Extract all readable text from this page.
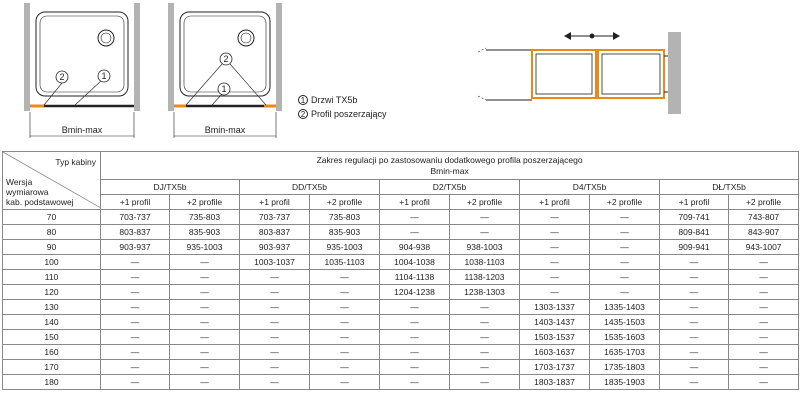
2	1
Bmin-max
2
1
Bmin-max
1 Drzwi TX5b
2 Profil poszerzający
Typ kabiny
Wersja
wymiarowa
kab. podstawowej	Zakres regulacji po zastosowaniu dodatkowego profila poszerzającego
Bmin-max									
	DJ/TX5b		DD/TX5b		D2/TX5b		D4/TX5b		DŁ/TX5b	
	+1 profil	+2 profile	+1 profil	+2 profile	+1 profil	+2 profile	+1 profil	+2 profile	+1 profil	+2 profile
70	703-737	735-803	703-737	735-803	—	—	—	—	709-741	743-807
80	803-837	835-903	803-837	835-903	—	—	—	—	809-841	843-907
90	903-937	935-1003	903-937	935-1003	904-938	938-1003	—	—	909-941	943-1007
100	—	—	1003-1037	1035-1103	1004-1038	1038-1103	—	—	—	—
110	—	—	—	—	1104-1138	1138-1203	—	—	—	—
120	—	—	—	—	1204-1238	1238-1303	—	—	—	—
130	—	—	—	—	—	—	1303-1337	1335-1403	—	—
140	—	—	—	—	—	—	1403-1437	1435-1503	—	—
150	—	—	—	—	—	—	1503-1537	1535-1603	—	—
160	—	—	—	—	—	—	1603-1637	1635-1703	—	—
170	—	—	—	—	—	—	1703-1737	1735-1803	—	—
180	—	—	—	—	—	—	1803-1837	1835-1903	—	—
